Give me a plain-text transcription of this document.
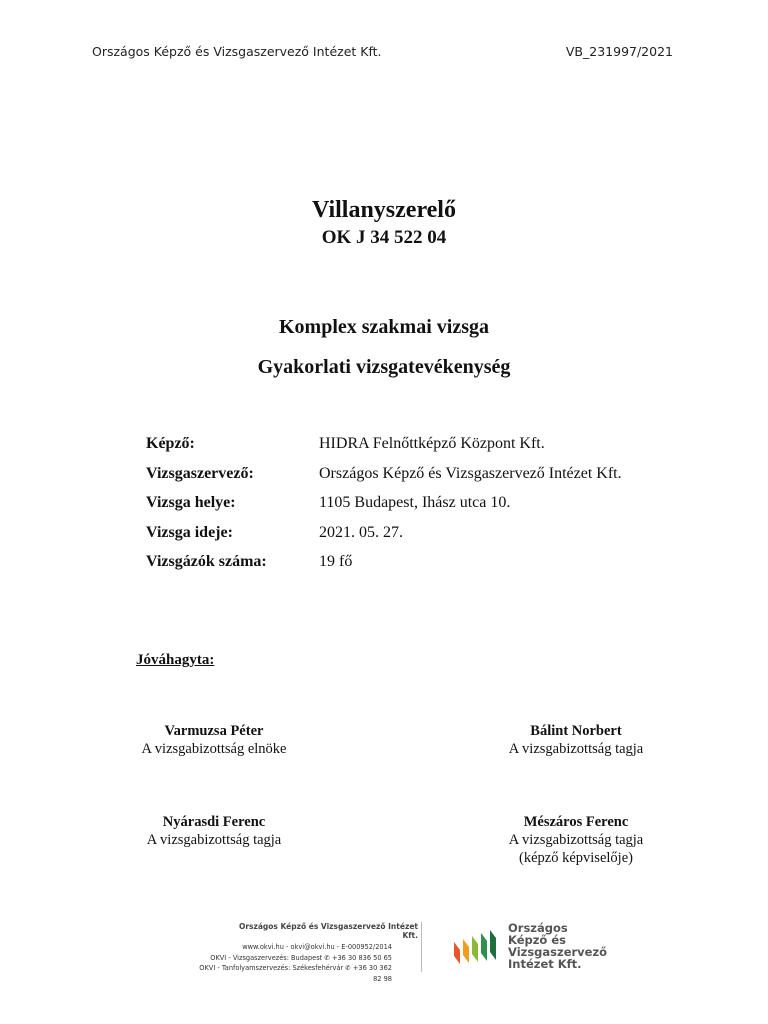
Országos Képző és Vizsgaszervező Intézet Kft.	VB_231997/2021
Villanyszerelő
OK J 34 522 04
Komplex szakmai vizsga
Gyakorlati vizsgatevékenység
Képző:	HIDRA Felnőttképző Központ Kft.
Vizsgaszervező:	Országos Képző és Vizsgaszervező Intézet Kft.
Vizsga helye:	1105 Budapest, Ihász utca 10.
Vizsga ideje:	2021. 05. 27.
Vizsgázók száma:	19 fő
Jóváhagyta:
Varmuzsa Péter
A vizsgabizottság elnöke
Bálint Norbert
A vizsgabizottság tagja
Nyárasdi Ferenc
A vizsgabizottság tagja
Mészáros Ferenc
A vizsgabizottság tagja
(képző képviselője)
Országos Képző és Vizsgaszervező Intézet Kft.
www.okvi.hu - okvi@okvi.hu - E-000952/2014
OKVI - Vizsgaszervezés: Budapest ✆ +36 30 836 50 65
OKVI - Tanfolyamszervezés: Székesfehérvár ✆ +36 30 362 82 98
Országos
Képző és
Vizsgaszervező
Intézet Kft.
